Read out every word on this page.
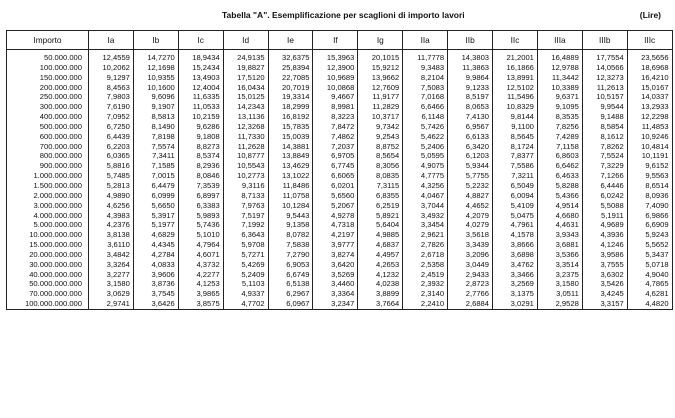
Tabella "A". Esemplificazione per scaglioni di importo lavori	(Lire)
Importo	Ia	Ib	Ic	Id	Ie	If	Ig	IIa	IIb	IIc	IIIa	IIIb	IIIc
50.000.000	12,4559	14,7270	18,9434	24,9135	32,6375	15,3963	20,1015	11,7778	14,3803	21,2001	16,4889	17,7554	23,5656
100.000.000	10,2062	12,1698	15,2434	19,8827	25,8394	12,3900	15,9212	9,3483	11,3863	16,1866	12,9788	14,0566	18,6968
150.000.000	9,1297	10,9355	13,4903	17,5120	22,7085	10,9689	13,9662	8,2104	9,9864	13,8991	11,3442	12,3273	16,4210
200.000.000	8,4563	10,1600	12,4004	16,0434	20,7019	10,0868	12,7609	7,5083	9,1233	12,5102	10,3389	11,2613	15,0167
250.000.000	7,9803	9,6096	11,6335	15,0125	19,3314	9,4667	11,9177	7,0168	8,5197	11,5496	9,6371	10,5157	14,0337
300.000.000	7,6190	9,1907	11,0533	14,2343	18,2999	8,9981	11,2829	6,6466	8,0653	10,8329	9,1095	9,9544	13,2933
400.000.000	7,0952	8,5813	10,2159	13,1136	16,8192	8,3223	10,3717	6,1148	7,4130	9,8144	8,3535	9,1488	12,2298
500.000.000	6,7250	8,1490	9,6286	12,3268	15,7835	7,8472	9,7342	5,7426	6,9567	9,1100	7,8256	8,5854	11,4853
600.000.000	6,4439	7,8198	9,1808	11,7330	15,0039	7,4862	9,2543	5,4622	6,6133	8,5645	7,4289	8,1612	10,9246
700.000.000	6,2203	7,5574	8,8273	11,2628	14,3881	7,2037	8,8752	5,2406	6,3420	8,1724	7,1158	7,8262	10,4814
800.000.000	6,0365	7,3411	8,5374	10,8777	13,8849	6,9705	8,5654	5,0595	6,1203	7,8377	6,8603	7,5524	10,1191
900.000.000	5,8816	7,1585	8,2936	10,5543	13,4629	6,7745	8,3056	4,9075	5,9344	7,5586	6,6462	7,3229	9,6152
1.000.000.000	5,7485	7,0015	8,0846	10,2773	13,1022	6,6065	8,0835	4,7775	5,7755	7,3211	6,4633	7,1266	9,5563
1.500.000.000	5,2813	6,4479	7,3539	9,3116	11,8486	6,0201	7,3115	4,3256	5,2232	6,5049	5,8288	6,4446	8,6514
2.000.000.000	4,9890	6,0999	6,8997	8,7133	11,0758	5,6560	6,8355	4,0467	4,8827	6,0094	5,4366	6,0242	8,0936
3.000.000.000	4,6256	5,6650	6,3383	7,9763	10,1284	5,2067	6,2519	3,7044	4,4652	5,4109	4,9514	5,5088	7,4090
4.000.000.000	4,3983	5,3917	5,9893	7,5197	9,5443	4,9278	5,8921	3,4932	4,2079	5,0475	4,6680	5,1911	6,9866
5.000.000.000	4,2376	5,1977	5,7436	7,1992	9,1358	4,7318	5,6404	3,3454	4,0279	4,7961	4,4631	4,9689	6,6909
10.000.000.000	3,8138	4,6829	5,1010	6,3643	8,0782	4,2197	4,9885	2,9621	3,5618	4,1578	3,9343	4,3936	5,9243
15.000.000.000	3,6110	4,4345	4,7964	5,9708	7,5838	3,9777	4,6837	2,7826	3,3439	3,8666	3,6881	4,1246	5,5652
20.000.000.000	3,4842	4,2784	4,6071	5,7271	7,2790	3,8274	4,4957	2,6718	3,2096	3,6898	3,5366	3,9586	5,3437
30.000.000.000	3,3264	4,0833	4,3732	5,4269	6,9053	3,6420	4,2653	2,5358	3,0449	3,4762	3,3514	3,7555	5,0718
40.000.000.000	3,2277	3,9606	4,2277	5,2409	6,6749	3,5269	4,1232	2,4519	2,9433	3,3466	3,2375	3,6302	4,9040
50.000.000.000	3,1580	3,8736	4,1253	5,1103	6,5138	3,4460	4,0238	2,3932	2,8723	3,2569	3,1580	3,5426	4,7865
70.000.000.000	3,0629	3,7545	3,9865	4,9337	6,2967	3,3364	3,8899	2,3140	2,7766	3,1375	3,0511	3,4245	4,6281
100.000.000.000	2,9741	3,6426	3,8575	4,7702	6,0967	3,2347	3,7664	2,2410	2,6884	3,0291	2,9528	3,3157	4,4820
